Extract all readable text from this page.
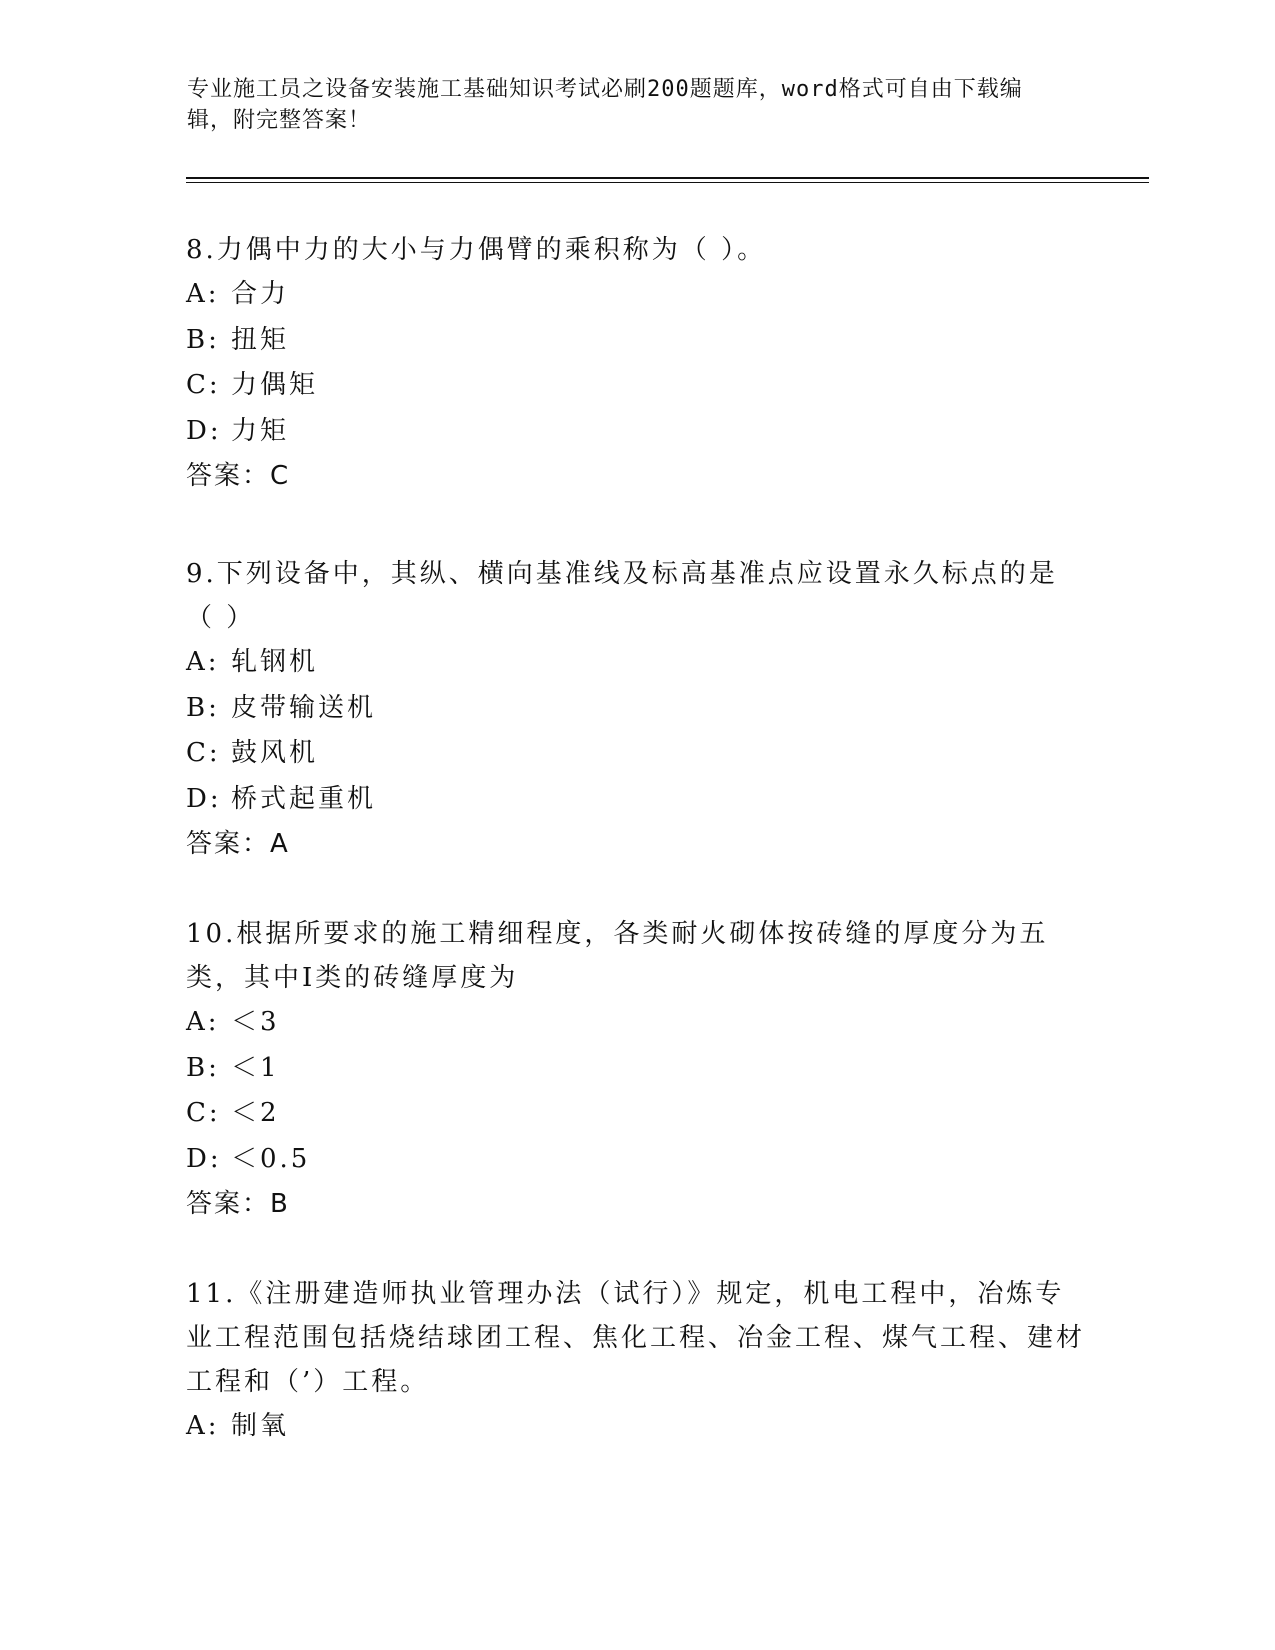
专业施工员之设备安装施工基础知识考试必刷200题题库，word格式可自由下载编辑，附完整答案！

8.力偶中力的大小与力偶臂的乘积称为（ ）。

A: 合力

B: 扭矩

C: 力偶矩

D: 力矩

答案：C

9.下列设备中，其纵、横向基准线及标高基准点应设置永久标点的是（ ）

A: 轧钢机

B: 皮带输送机

C: 鼓风机

D: 桥式起重机

答案：A

10.根据所要求的施工精细程度，各类耐火砌体按砖缝的厚度分为五类，其中Ⅰ类的砖缝厚度为

A: ＜3

B: ＜1

C: ＜2

D: ＜0.5

答案：B

11.《注册建造师执业管理办法（试行）》规定，机电工程中，冶炼专业工程范围包括烧结球团工程、焦化工程、冶金工程、煤气工程、建材工程和（’）工程。

A: 制氧
